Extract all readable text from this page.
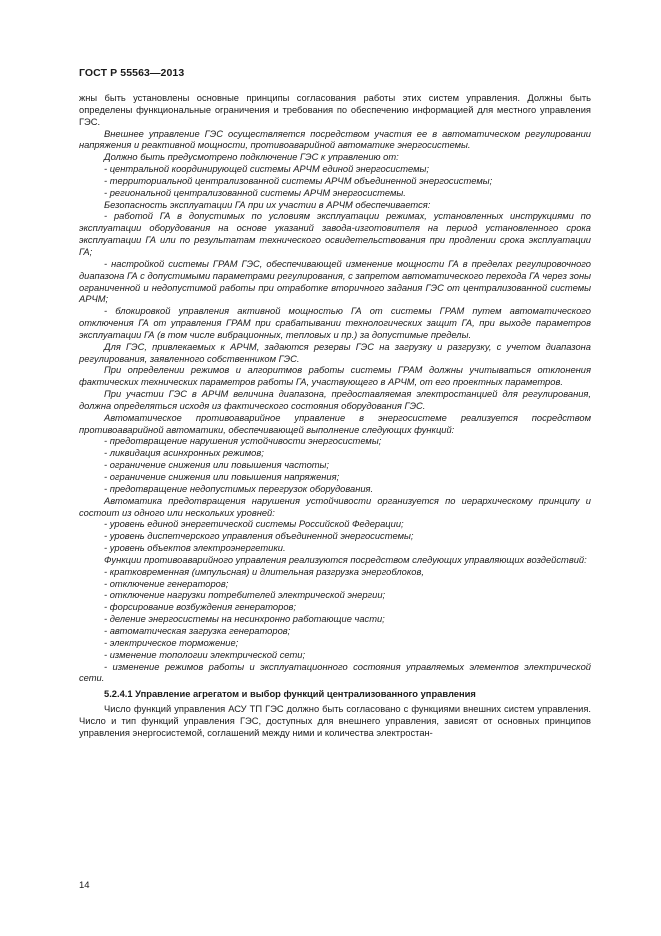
ГОСТ Р 55563—2013

жны быть установлены основные принципы согласования работы этих систем управления. Должны быть определены функциональные ограничения и требования по обеспечению информацией для местного управления ГЭС.

Внешнее управление ГЭС осуществляется посредством участия ее в автоматическом регулировании напряжения и реактивной мощности, противоаварийной автоматике энергосистемы.

Должно быть предусмотрено подключение ГЭС к управлению от:

- центральной координирующей системы АРЧМ единой энергосистемы;

- территориальной централизованной системы АРЧМ объединенной энергосистемы;

- региональной централизованной системы АРЧМ энергосистемы.

Безопасность эксплуатации ГА при их участии в АРЧМ обеспечивается:

- работой ГА в допустимых по условиям эксплуатации режимах, установленных инструкциями по эксплуатации оборудования на основе указаний завода-изготовителя на период установленного срока эксплуатации ГА или по результатам технического освидетельствования при продлении срока эксплуатации ГА;

- настройкой системы ГРАМ ГЭС, обеспечивающей изменение мощности ГА в пределах регулировочного диапазона ГА с допустимыми параметрами регулирования, с запретом автоматического перехода ГА через зоны ограниченной и недопустимой работы при отработке вторичного задания ГЭС от централизованной системы АРЧМ;

- блокировкой управления активной мощностью ГА от системы ГРАМ путем автоматического отключения ГА от управления ГРАМ при срабатывании технологических защит ГА, при выходе параметров эксплуатации ГА (в том числе вибрационных, тепловых и пр.) за допустимые пределы.

Для ГЭС, привлекаемых к АРЧМ, задаются резервы ГЭС на загрузку и разгрузку, с учетом диапазона регулирования, заявленного собственником ГЭС.

При определении режимов и алгоритмов работы системы ГРАМ должны учитываться отклонения фактических технических параметров работы ГА, участвующего в АРЧМ, от его проектных параметров.

При участии ГЭС в АРЧМ величина диапазона, предоставляемая электростанцией для регулирования, должна определяться исходя из фактического состояния оборудования ГЭС.

Автоматическое противоаварийное управление в энергосистеме реализуется посредством противоаварийной автоматики, обеспечивающей выполнение следующих функций:

- предотвращение нарушения устойчивости энергосистемы;

- ликвидация асинхронных режимов;

- ограничение снижения или повышения частоты;

- ограничение снижения или повышения напряжения;

- предотвращение недопустимых перегрузок оборудования.

Автоматика предотвращения нарушения устойчивости организуется по иерархическому принципу и состоит из одного или нескольких уровней:

- уровень единой энергетической системы Российской Федерации;

- уровень диспетчерского управления объединенной энергосистемы;

- уровень объектов электроэнергетики.

Функции противоаварийного управления реализуются посредством следующих управляющих воздействий:

- кратковременная (импульсная) и длительная разгрузка энергоблоков,

- отключение генераторов;

- отключение нагрузки потребителей электрической энергии;

- форсирование возбуждения генераторов;

- деление энергосистемы на несинхронно работающие части;

- автоматическая загрузка генераторов;

- электрическое торможение;

- изменение топологии электрической сети;

- изменение режимов работы и эксплуатационного состояния управляемых элементов электрической сети.

5.2.4.1 Управление агрегатом и выбор функций централизованного управления

Число функций управления АСУ ТП ГЭС должно быть согласовано с функциями внешних систем управления. Число и тип функций управления ГЭС, доступных для внешнего управления, зависят от основных принципов управления энергосистемой, соглашений между ними и количества электростан-

14
